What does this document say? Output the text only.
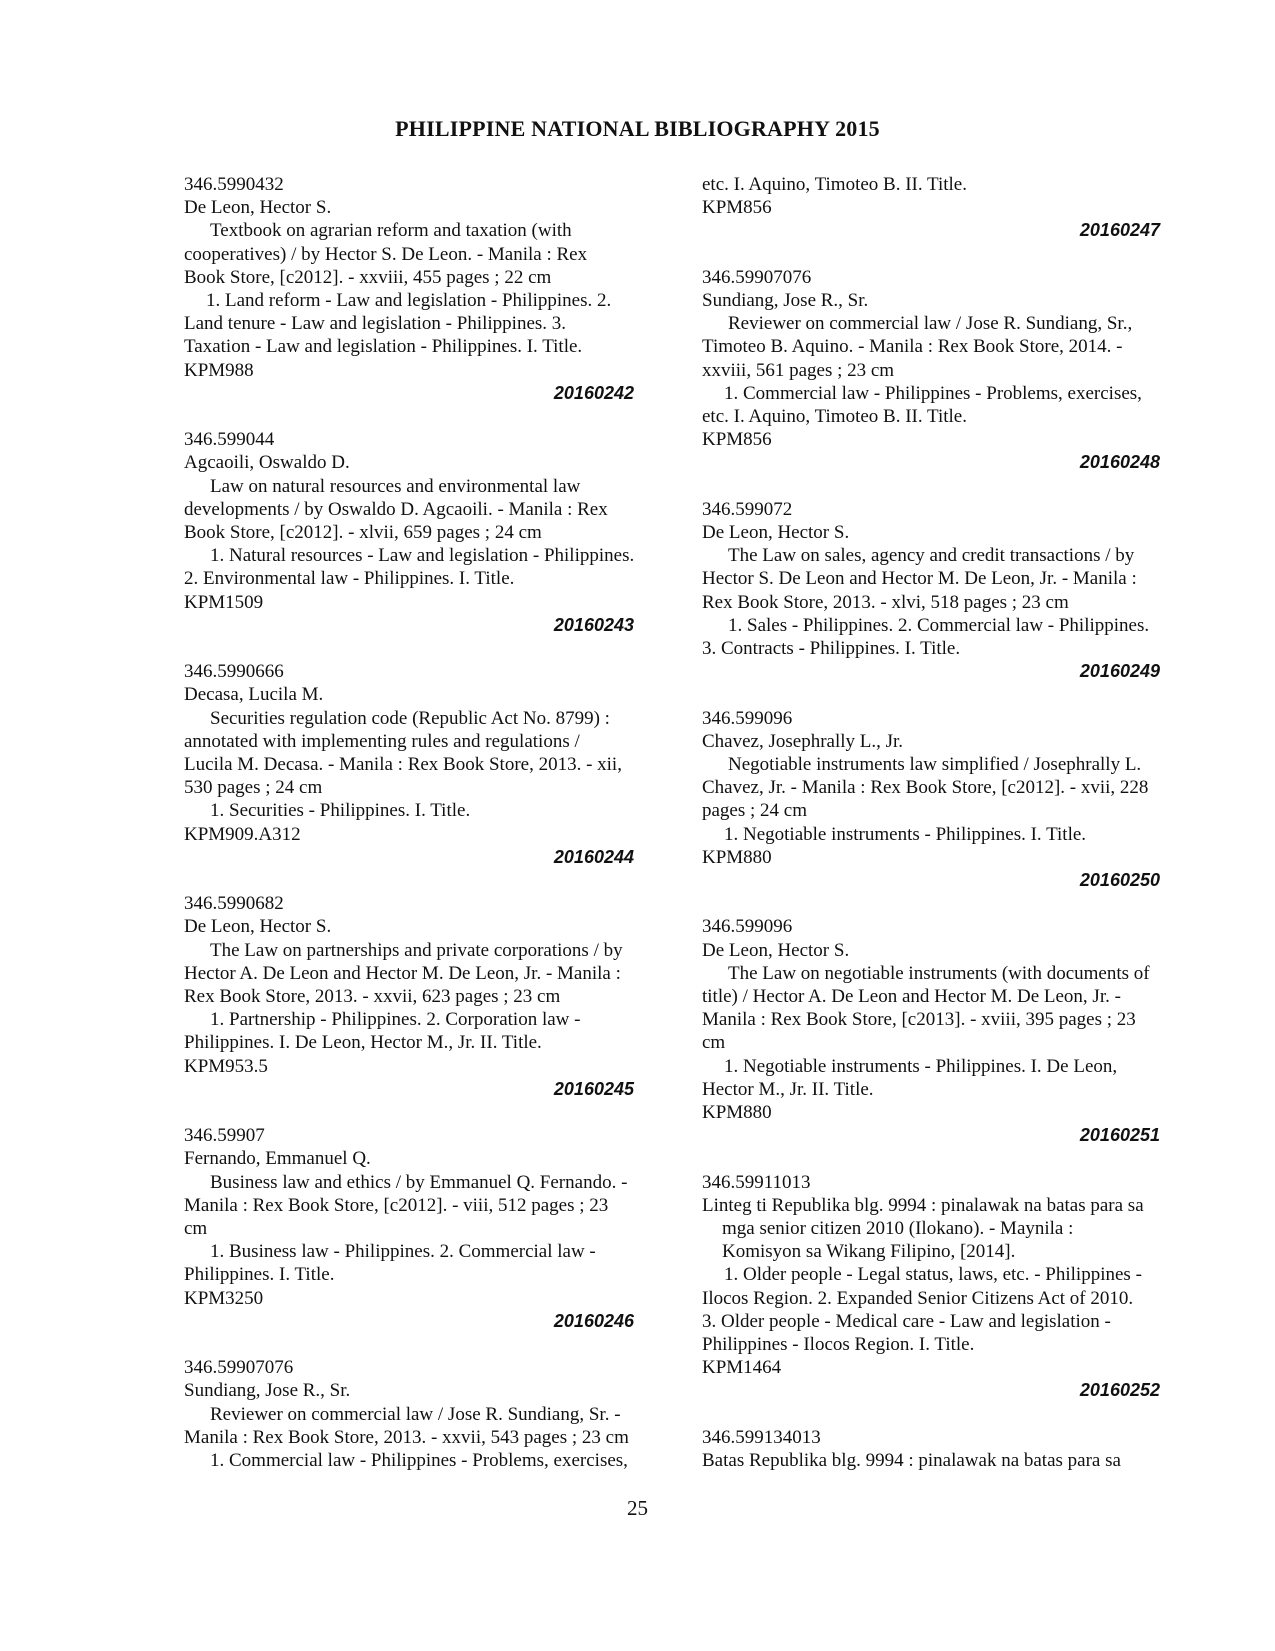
PHILIPPINE NATIONAL BIBLIOGRAPHY 2015
346.5990432
De Leon, Hector S.
Textbook on agrarian reform and taxation (with
cooperatives) / by Hector S. De Leon. - Manila : Rex
Book Store, [c2012]. - xxviii, 455 pages ; 22 cm
1. Land reform - Law and legislation - Philippines. 2.
Land tenure - Law and legislation - Philippines. 3.
Taxation - Law and legislation - Philippines. I. Title.
KPM988
20160242
346.599044
Agcaoili, Oswaldo D.
Law on natural resources and environmental law
developments / by Oswaldo D. Agcaoili. - Manila : Rex
Book Store, [c2012]. - xlvii, 659 pages ; 24 cm
1. Natural resources - Law and legislation - Philippines.
2. Environmental law - Philippines. I. Title.
KPM1509
20160243
346.5990666
Decasa, Lucila M.
Securities regulation code (Republic Act No. 8799) :
annotated with implementing rules and regulations /
Lucila M. Decasa. - Manila : Rex Book Store, 2013. - xii,
530 pages ; 24 cm
1. Securities - Philippines. I. Title.
KPM909.A312
20160244
346.5990682
De Leon, Hector S.
The Law on partnerships and private corporations / by
Hector A. De Leon and Hector M. De Leon, Jr. - Manila :
Rex Book Store, 2013. - xxvii, 623 pages ; 23 cm
1. Partnership - Philippines. 2. Corporation law -
Philippines. I. De Leon, Hector M., Jr. II. Title.
KPM953.5
20160245
346.59907
Fernando, Emmanuel Q.
Business law and ethics / by Emmanuel Q. Fernando. -
Manila : Rex Book Store, [c2012]. - viii, 512 pages ; 23
cm
1. Business law - Philippines. 2. Commercial law -
Philippines. I. Title.
KPM3250
20160246
346.59907076
Sundiang, Jose R., Sr.
Reviewer on commercial law / Jose R. Sundiang, Sr. -
Manila : Rex Book Store, 2013. - xxvii, 543 pages ; 23 cm
1. Commercial law - Philippines - Problems, exercises,
etc. I. Aquino, Timoteo B. II. Title.
KPM856
20160247
346.59907076
Sundiang, Jose R., Sr.
Reviewer on commercial law / Jose R. Sundiang, Sr.,
Timoteo B. Aquino. - Manila : Rex Book Store, 2014. -
xxviii, 561 pages ; 23 cm
1. Commercial law - Philippines - Problems, exercises,
etc. I. Aquino, Timoteo B. II. Title.
KPM856
20160248
346.599072
De Leon, Hector S.
The Law on sales, agency and credit transactions / by
Hector S. De Leon and Hector M. De Leon, Jr. - Manila :
Rex Book Store, 2013. - xlvi, 518 pages ; 23 cm
1. Sales - Philippines. 2. Commercial law - Philippines.
3. Contracts - Philippines. I. Title.
20160249
346.599096
Chavez, Josephrally L., Jr.
Negotiable instruments law simplified / Josephrally L.
Chavez, Jr. - Manila : Rex Book Store, [c2012]. - xvii, 228
pages ; 24 cm
1. Negotiable instruments - Philippines. I. Title.
KPM880
20160250
346.599096
De Leon, Hector S.
The Law on negotiable instruments (with documents of
title) / Hector A. De Leon and Hector M. De Leon, Jr. -
Manila : Rex Book Store, [c2013]. - xviii, 395 pages ; 23
cm
1. Negotiable instruments - Philippines. I. De Leon,
Hector M., Jr. II. Title.
KPM880
20160251
346.59911013
Linteg ti Republika blg. 9994 : pinalawak na batas para sa
mga senior citizen 2010 (Ilokano). - Maynila :
Komisyon sa Wikang Filipino, [2014].
1. Older people - Legal status, laws, etc. - Philippines -
Ilocos Region. 2. Expanded Senior Citizens Act of 2010.
3. Older people - Medical care - Law and legislation -
Philippines - Ilocos Region. I. Title.
KPM1464
20160252
346.599134013
Batas Republika blg. 9994 : pinalawak na batas para sa
25
